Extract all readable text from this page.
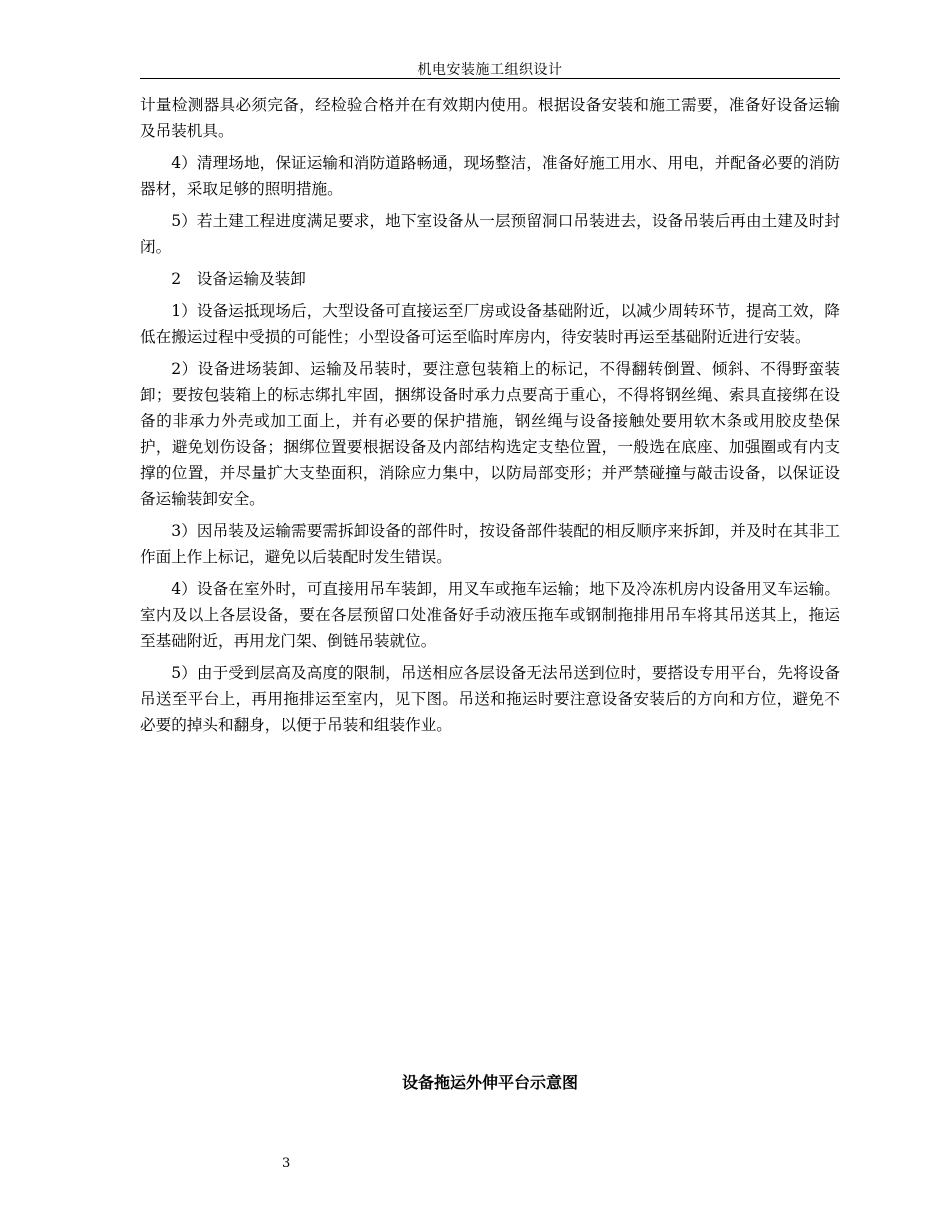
机电安装施工组织设计

计量检测器具必须完备，经检验合格并在有效期内使用。根据设备安装和施工需要，准备好设备运输及吊装机具。

4）清理场地，保证运输和消防道路畅通，现场整洁，准备好施工用水、用电，并配备必要的消防器材，采取足够的照明措施。

5）若土建工程进度满足要求，地下室设备从一层预留洞口吊装进去，设备吊装后再由土建及时封闭。

2　设备运输及装卸

1）设备运抵现场后，大型设备可直接运至厂房或设备基础附近，以减少周转环节，提高工效，降低在搬运过程中受损的可能性；小型设备可运至临时库房内，待安装时再运至基础附近进行安装。

2）设备进场装卸、运输及吊装时，要注意包装箱上的标记，不得翻转倒置、倾斜、不得野蛮装卸；要按包装箱上的标志绑扎牢固，捆绑设备时承力点要高于重心，不得将钢丝绳、索具直接绑在设备的非承力外壳或加工面上，并有必要的保护措施，钢丝绳与设备接触处要用软木条或用胶皮垫保护，避免划伤设备；捆绑位置要根据设备及内部结构选定支垫位置，一般选在底座、加强圈或有内支撑的位置，并尽量扩大支垫面积，消除应力集中，以防局部变形；并严禁碰撞与敲击设备，以保证设备运输装卸安全。

3）因吊装及运输需要需拆卸设备的部件时，按设备部件装配的相反顺序来拆卸，并及时在其非工作面上作上标记，避免以后装配时发生错误。

4）设备在室外时，可直接用吊车装卸，用叉车或拖车运输；地下及冷冻机房内设备用叉车运输。室内及以上各层设备，要在各层预留口处准备好手动液压拖车或钢制拖排用吊车将其吊送其上，拖运至基础附近，再用龙门架、倒链吊装就位。

5）由于受到层高及高度的限制，吊送相应各层设备无法吊送到位时，要搭设专用平台，先将设备吊送至平台上，再用拖排运至室内，见下图。吊送和拖运时要注意设备安装后的方向和方位，避免不必要的掉头和翻身，以便于吊装和组装作业。

设备拖运外伸平台示意图
3
